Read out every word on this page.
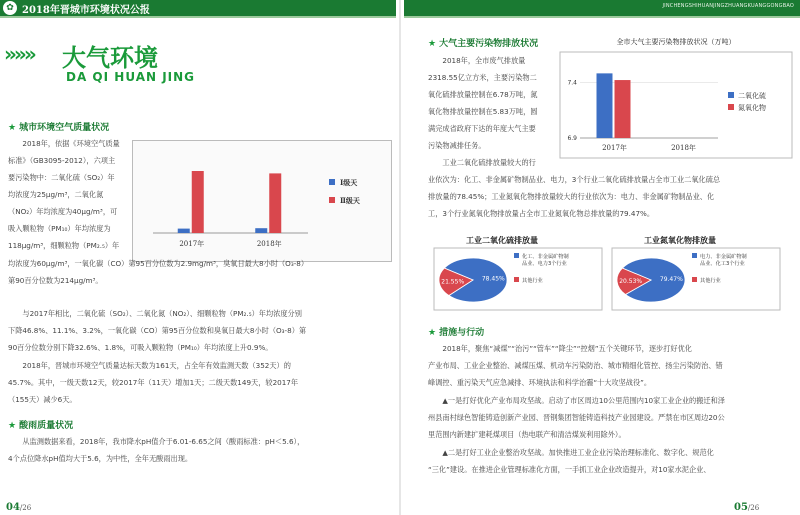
✿ 2018年晋城市环境状况公报
»»» 大气环境
DA QI HUAN JING
★ 城市环境空气质量状况
2018年，依据《环境空气质量
标准》（GB3095-2012），六项主
要污染物中：二氧化硫（SO₂）年
均浓度为25μg/m³，二氧化氮
（NO₂）年均浓度为40μg/m³，可
吸入颗粒物（PM₁₀）年均浓度为
118μg/m³，细颗粒物（PM₂.₅）年	2017年	2018年
Ⅰ级天
Ⅱ级天
均浓度为60μg/m³，一氧化碳（CO）第95百分位数为2.9mg/m³，臭氧日最大8小时（O₃-8）
第90百分位数为214μg/m³。
与2017年相比，二氧化硫（SO₂）、二氧化氮（NO₂）、细颗粒物（PM₂.₅）年均浓度分别
下降46.8%、11.1%、3.2%，一氧化碳（CO）第95百分位数和臭氧日最大8小时（O₃-8）第
90百分位数分别下降32.6%、1.8%，可吸入颗粒物（PM₁₀）年均浓度上升0.9%。
2018年，晋城市环境空气质量达标天数为161天，占全年有效监测天数（352天）的
45.7%。其中，一级天数12天，较2017年（11天）增加1天；二级天数149天，较2017年
（155天）减少6天。
★ 酸雨质量状况
从监测数据来看，2018年，我市降水pH值介于6.01-6.65之间（酸雨标准：pH＜5.6），
4个点位降水pH值均大于5.6，为中性，全年无酸雨出现。
04/26
JINCHENGSHIHUANJINGZHUANGKUANGGONGBAO
★ 大气主要污染物排放状况
2018年，全市废气排放量
2318.55亿立方米，主要污染物二
氧化硫排放量控制在6.78万吨，氮
氧化物排放量控制在5.83万吨，圆
满完成省政府下达的年度大气主要
污染物减排任务。
全市大气主要污染物排放状况（万吨）
6.9
7.4
2017年	2018年
二氧化硫
氮氧化物
工业二氧化硫排放量较大的行
业依次为：化工、非金属矿物制品业、电力，3个行业二氧化硫排放量占全市工业二氧化硫总
排放量的78.45%；工业氮氧化物排放量较大的行业依次为：电力、非金属矿物制品业、化
工，3个行业氮氧化物排放量占全市工业氮氧化物总排放量的79.47%。
工业二氧化硫排放量
78.45%
21.55%
化工、非金属矿物制
品业、电力3个行业
其他行业
工业氮氧化物排放量
79.47%
20.53%
电力、非金属矿物制
品业、化工3个行业
其他行业
★ 措施与行动
2018年，聚焦“减煤”“治污”“管车”“降尘”“控烟”五个关键环节，逐步打好优化
产业布局、工业企业整治、减煤压煤、机动车污染防治、城市精细化管控、扬尘污染防治、错
峰调控、重污染天气应急减排、环境执法和科学治霾“十大攻坚战役”。
▲一是打好优化产业布局攻坚战。启动了市区周边10公里范围内10家工业企业的搬迁和泽
州县南村绿色智能铸造创新产业园、晋钢集团智能铸造科技产业园建设。严禁在市区周边20公
里范围内新建扩建耗煤项目（热电联产和清洁煤炭利用除外）。
▲二是打好工业企业整治攻坚战。加快推进工业企业污染治理标准化、数字化、规范化
“三化”建设。在推进企业管理标准化方面，一手抓工业企业改造提升，对10家水泥企业、
05/26
